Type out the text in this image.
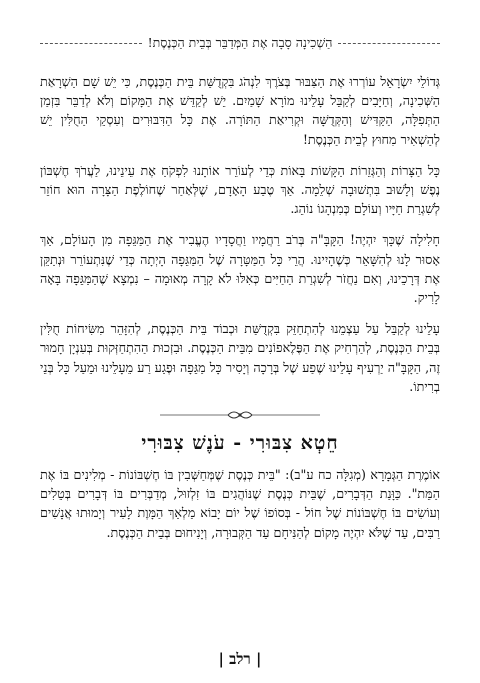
הַשְׁכִינָה סָבָה אֶת הַמְּדַבֵּר בְּבֵית הַכְּנֶסֶת!

גְּדוֹלֵי יִשְׂרָאֵל עוֹרְרוּ אֶת הַצִּבּוּר בְּצֹרֶךְ לִנְהֹג בִּקְדֻשַּׁת בֵּית הַכְּנֶסֶת, כִּי יֵשׁ שָׁם הַשְׁרָאַת הַשְּׁכִינָה, וְחַיָּבִים לְקַבֵּל עָלֵינוּ מוֹרָא שָׁמַיִם. יֵשׁ לְקַדֵּשׁ אֶת הַמָּקוֹם וְלֹא לְדַבֵּר בִּזְמַן הַתְּפִלָּה, הַקַּדִּישׁ וְהַקְּדֻשָּׁה וּקְרִיאַת הַתּוֹרָה. אֶת כָּל הַדִּבּוּרִים וְעִסְקֵי הַחֻלִּין יֵשׁ לְהַשְׁאִיר מִחוּץ לְבֵית הַכְּנֶסֶת!

כָּל הַצָּרוֹת וְהַגְּזֵרוֹת הַקָּשׁוֹת בָּאוֹת כְּדֵי לְעוֹרֵר אוֹתָנוּ לִפְקֹחַ אֶת עֵינֵינוּ, לַעֲרֹךְ חֶשְׁבּוֹן נֶפֶשׁ וְלָשׁוּב בִּתְשׁוּבָה שְׁלֵמָה. אַךְ טֶבַע הָאָדָם, שֶׁלְּאַחַר שֶׁחוֹלֶפֶת הַצָּרָה הוּא חוֹזֵר לְשִׁגְרַת חַיָּיו וְעוֹלָם כְּמִנְהָגוֹ נוֹהֵג.

חָלִילָה שֶׁכָּךְ יִהְיֶה! הַקָּבָּ"ה בְּרֹב רַחֲמָיו וַחֲסָדָיו הֶעֱבִיר אֶת הַמַּגֵּפָה מִן הָעוֹלָם, אַךְ אָסוּר לָנוּ לְהִשָּׁאֵר כְּשֶׁהָיִינוּ. הֲרֵי כָּל הַמַּטָּרָה שֶׁל הַמַּגֵּפָה הָיְתָה כְּדֵי שֶׁנִּתְעוֹרֵר וּנְתַקֵּן אֶת דְּרָכֵינוּ, וְאִם נַחֲזֹר לְשִׁגְרַת הַחַיִּים כְּאִלּוּ לֹא קָרָה מְאוּמָה – נִמְצָא שֶׁהַמַּגֵּפָה בָּאָה לָרִיק.

עָלֵינוּ לְקַבֵּל עַל עַצְמֵנוּ לְהִתְחַזֵּק בִּקְדֻשַּׁת וּכְבוֹד בֵּית הַכְּנֶסֶת, לְהִזָּהֵר מִשִּׂיחוֹת חֻלִּין בְּבֵית הַכְּנֶסֶת, לְהַרְחִיק אֶת הַפֶּלֶאפוֹנִים מִבֵּית הַכְּנֶסֶת. וּבִזְכוּת הַהִתְחַזְּקוּת בְּעִנְיָן חָמוּר זֶה, הַקָּבָּ"ה יַרְעִיף עָלֵינוּ שֶׁפַע שֶׁל בְּרָכָה וְיָסִיר כָּל מַגֵּפָה וּפֶגַע רַע מֵעָלֵינוּ וּמֵעַל כָּל בְּנֵי בְרִיתוֹ.

חֵטְא צִבּוּרִי - עֹנֶשׁ צִבּוּרִי

אוֹמֶרֶת הַגְּמָרָא (מְגִלָּה כח ע"ב): "בֵּית כְּנֶסֶת שֶׁמְּחַשְּׁבִין בּוֹ חֶשְׁבּוֹנוֹת - מְלִינִים בּוֹ אֶת הַמֵּת". כַּוָּנַת הַדְּבָרִים, שֶׁבֵּית כְּנֶסֶת שֶׁנּוֹהֲגִים בּוֹ זִלְזוּל, מְדַבְּרִים בּוֹ דְּבָרִים בְּטֵלִים וְעוֹשִׂים בּוֹ חֶשְׁבּוֹנוֹת שֶׁל חוֹל - בְּסוֹפוֹ שֶׁל יוֹם יָבוֹא מַלְאַךְ הַמָּוֶת לָעִיר וְיָמוּתוּ אֲנָשִׁים רַבִּים, עַד שֶׁלֹּא יִהְיֶה מָקוֹם לְהַנִּיחָם עַד הַקְּבוּרָה, וְיָנִיחוּם בְּבֵית הַכְּנֶסֶת.

| רלב |
